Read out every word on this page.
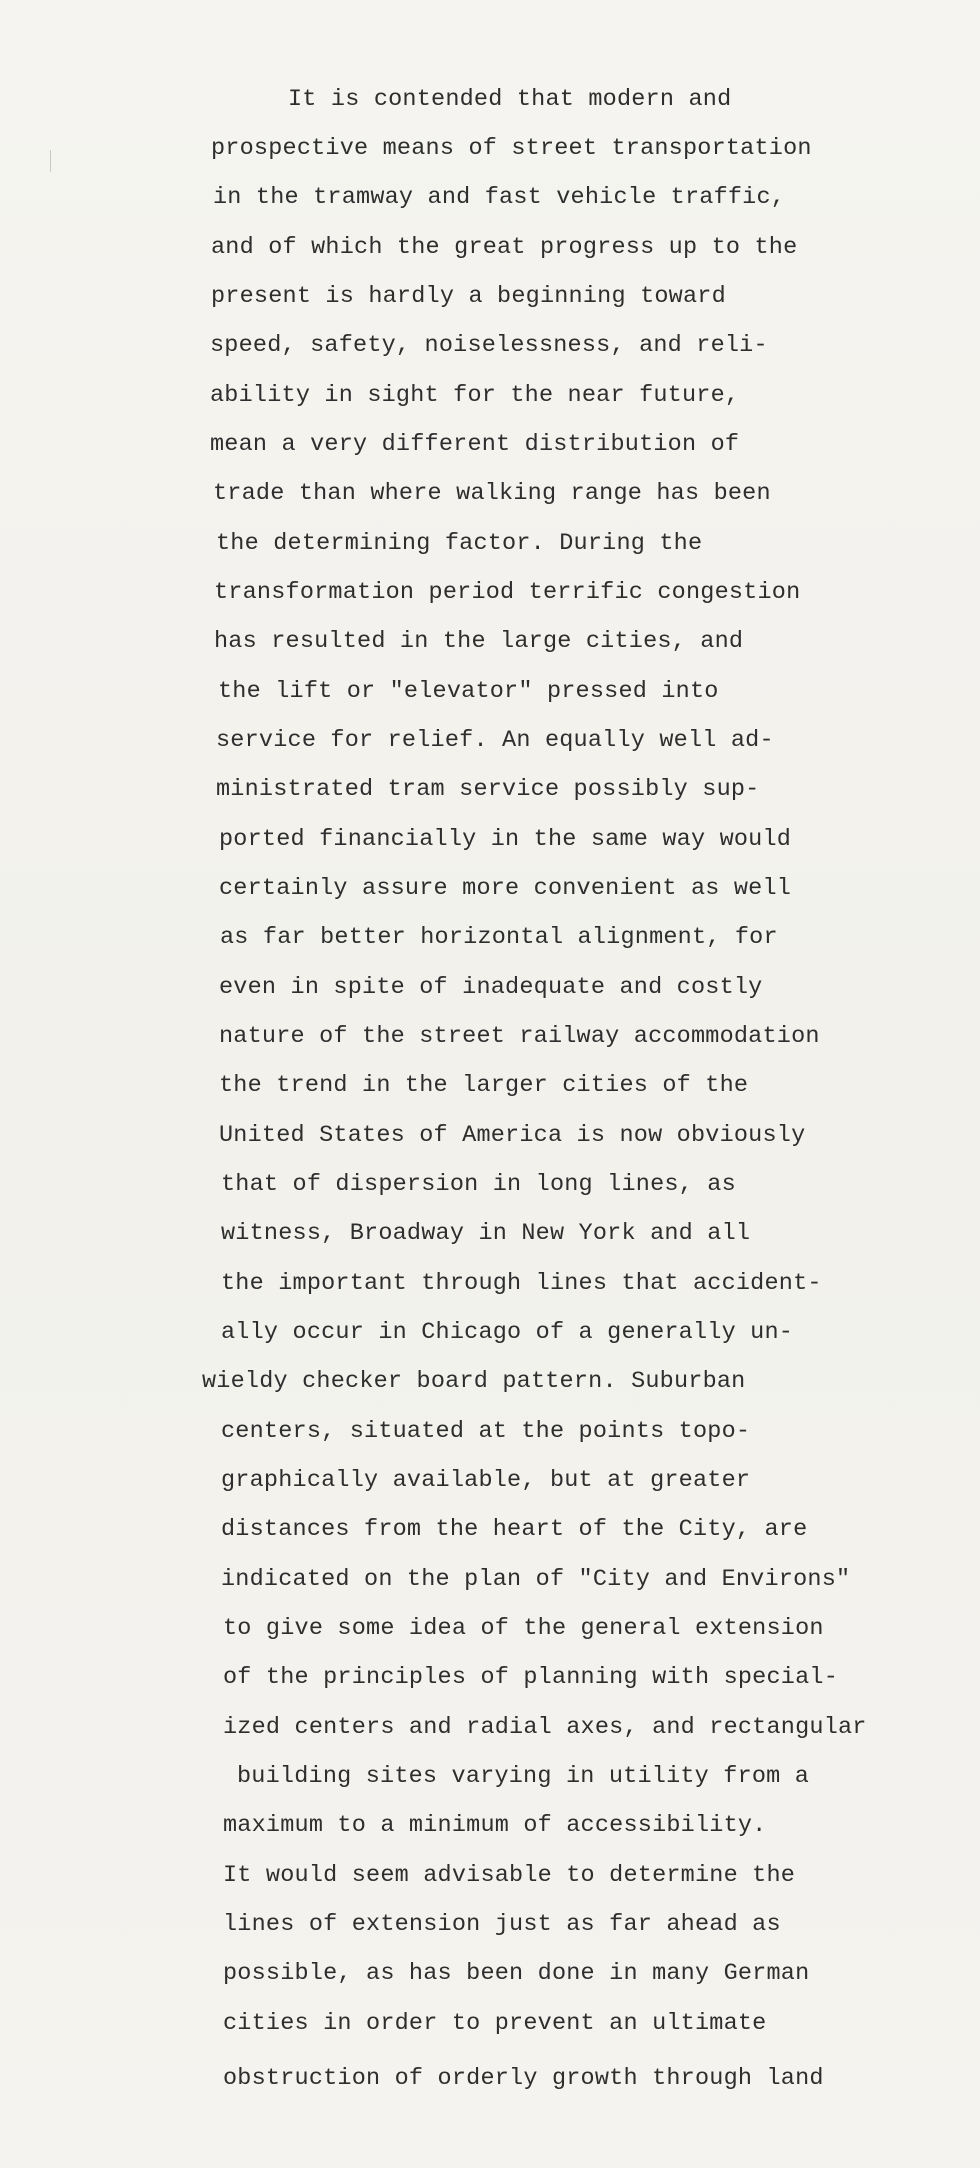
It is contended that modern and
prospective means of street transportation
in the tramway and fast vehicle traffic,
and of which the great progress up to the
present is hardly a beginning toward
speed, safety, noiselessness, and reli-
ability in sight for the near future,
mean a very different distribution of
trade than where walking range has been
the determining factor. During the
transformation period terrific congestion
has resulted in the large cities, and
the lift or "elevator" pressed into
service for relief. An equally well ad-
ministrated tram service possibly sup-
ported financially in the same way would
certainly assure more convenient as well
as far better horizontal alignment, for
even in spite of inadequate and costly
nature of the street railway accommodation
the trend in the larger cities of the
United States of America is now obviously
that of dispersion in long lines, as
witness, Broadway in New York and all
the important through lines that accident-
ally occur in Chicago of a generally un-
wieldy checker board pattern. Suburban
centers, situated at the points topo-
graphically available, but at greater
distances from the heart of the City, are
indicated on the plan of "City and Environs"
to give some idea of the general extension
of the principles of planning with special-
ized centers and radial axes, and rectangular
building sites varying in utility from a
maximum to a minimum of accessibility.
It would seem advisable to determine the
lines of extension just as far ahead as
possible, as has been done in many German
cities in order to prevent an ultimate
obstruction of orderly growth through land
